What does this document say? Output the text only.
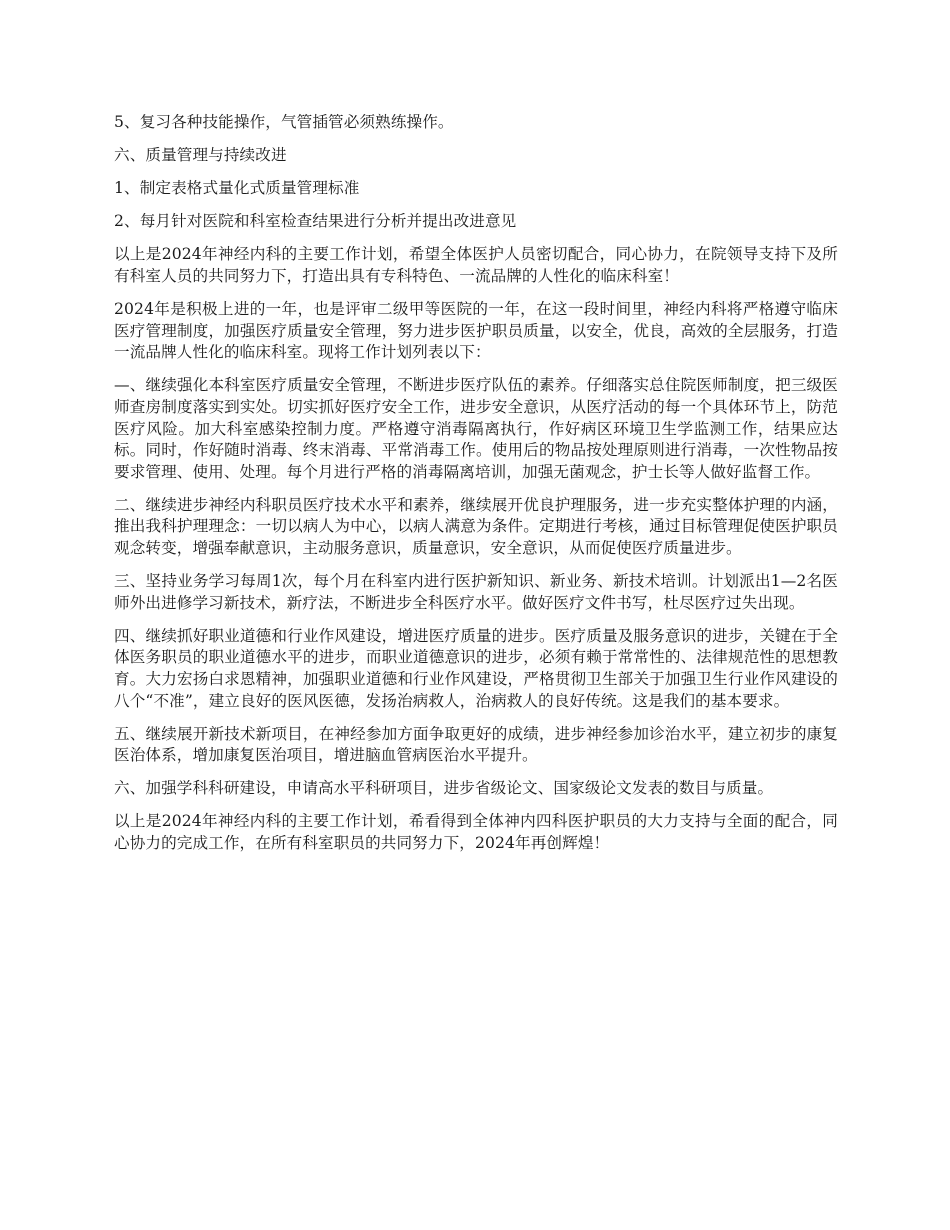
5、复习各种技能操作，气管插管必须熟练操作。

六、质量管理与持续改进

1、制定表格式量化式质量管理标准

2、每月针对医院和科室检查结果进行分析并提出改进意见

以上是2024年神经内科的主要工作计划，希望全体医护人员密切配合，同心协力，在院领导支持下及所有科室人员的共同努力下，打造出具有专科特色、一流品牌的人性化的临床科室！

2024年是积极上进的一年，也是评审二级甲等医院的一年，在这一段时间里，神经内科将严格遵守临床医疗管理制度，加强医疗质量安全管理，努力进步医护职员质量，以安全，优良，高效的全层服务，打造一流品牌人性化的临床科室。现将工作计划列表以下：

—、继续强化本科室医疗质量安全管理，不断进步医疗队伍的素养。仔细落实总住院医师制度，把三级医师查房制度落实到实处。切实抓好医疗安全工作，进步安全意识，从医疗活动的每一个具体环节上，防范医疗风险。加大科室感染控制力度。严格遵守消毒隔离执行，作好病区环境卫生学监测工作，结果应达标。同时，作好随时消毒、终末消毒、平常消毒工作。使用后的物品按处理原则进行消毒，一次性物品按要求管理、使用、处理。每个月进行严格的消毒隔离培训，加强无菌观念，护士长等人做好监督工作。

二、继续进步神经内科职员医疗技术水平和素养，继续展开优良护理服务，进一步充实整体护理的内涵，推出我科护理理念：一切以病人为中心，以病人满意为条件。定期进行考核，通过目标管理促使医护职员观念转变，增强奉献意识，主动服务意识，质量意识，安全意识，从而促使医疗质量进步。

三、坚持业务学习每周1次，每个月在科室内进行医护新知识、新业务、新技术培训。计划派出1—2名医师外出进修学习新技术，新疗法，不断进步全科医疗水平。做好医疗文件书写，杜尽医疗过失出现。

四、继续抓好职业道德和行业作风建设，增进医疗质量的进步。医疗质量及服务意识的进步，关键在于全体医务职员的职业道德水平的进步，而职业道德意识的进步，必须有赖于常常性的、法律规范性的思想教育。大力宏扬白求恩精神，加强职业道德和行业作风建设，严格贯彻卫生部关于加强卫生行业作风建设的八个“不准”，建立良好的医风医德，发扬治病救人，治病救人的良好传统。这是我们的基本要求。

五、继续展开新技术新项目，在神经参加方面争取更好的成绩，进步神经参加诊治水平，建立初步的康复医治体系，增加康复医治项目，增进脑血管病医治水平提升。

六、加强学科科研建设，申请高水平科研项目，进步省级论文、国家级论文发表的数目与质量。

以上是2024年神经内科的主要工作计划，希看得到全体神内四科医护职员的大力支持与全面的配合，同心协力的完成工作，在所有科室职员的共同努力下，2024年再创辉煌！
